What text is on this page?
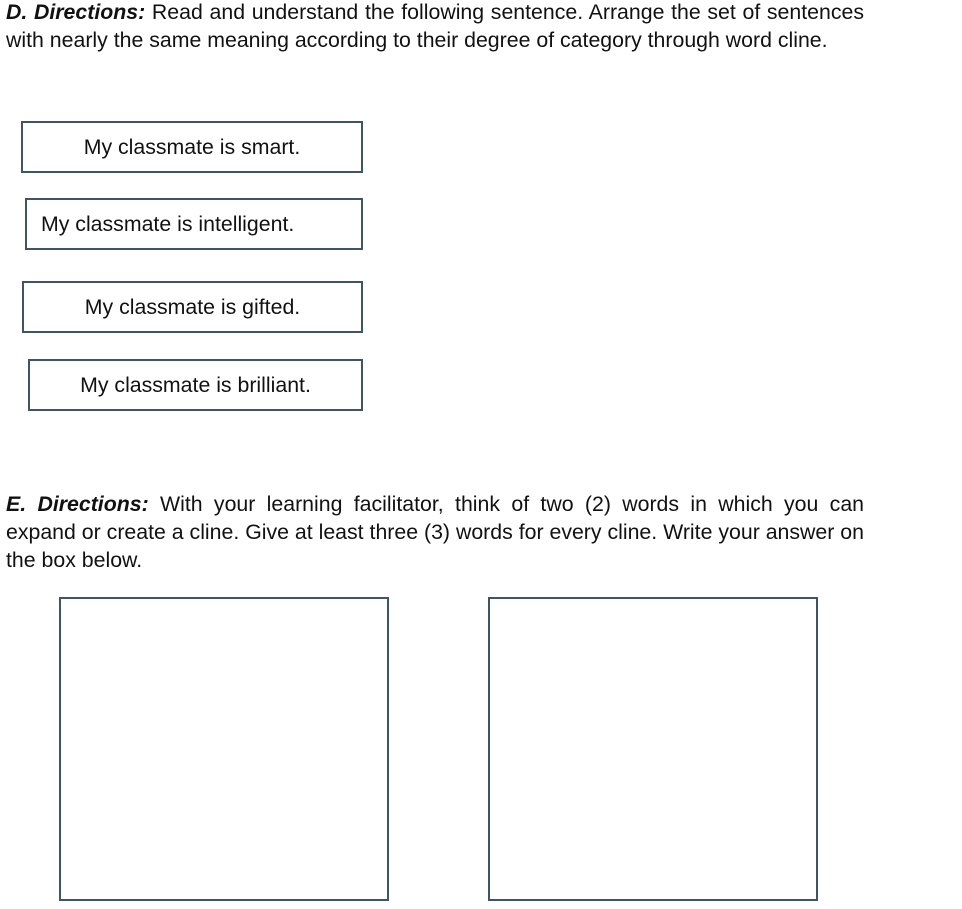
D. Directions: Read and understand the following sentence. Arrange the set of sentences with nearly the same meaning according to their degree of category through word cline.

My classmate is smart.
My classmate is intelligent.
My classmate is gifted.
My classmate is brilliant.

E. Directions: With your learning facilitator, think of two (2) words in which you can expand or create a cline. Give at least three (3) words for every cline. Write your answer on the box below.
